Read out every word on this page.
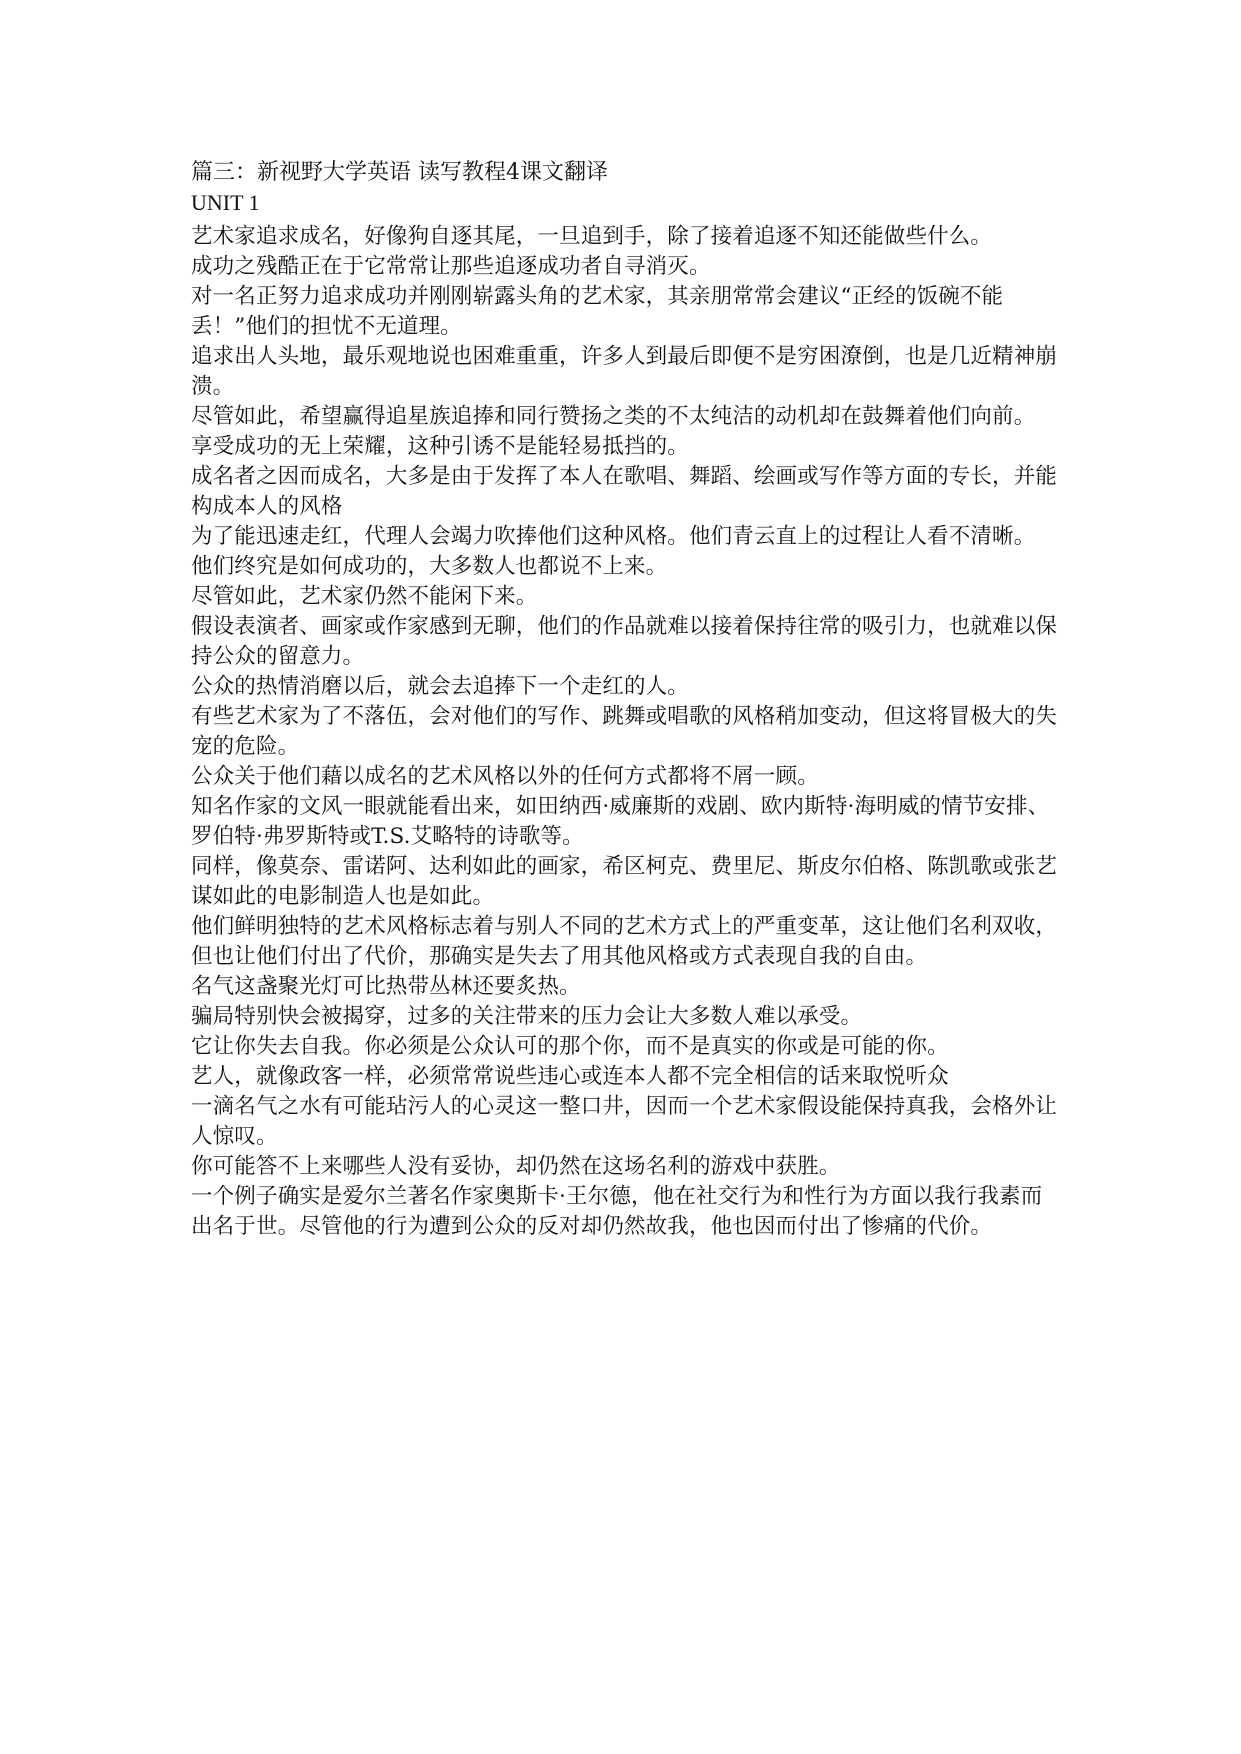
篇三：新视野大学英语 读写教程4课文翻译

UNIT 1

艺术家追求成名，好像狗自逐其尾，一旦追到手，除了接着追逐不知还能做些什么。

成功之残酷正在于它常常让那些追逐成功者自寻消灭。

对一名正努力追求成功并刚刚崭露头角的艺术家，其亲朋常常会建议“正经的饭碗不能丢！”他们的担忧不无道理。

追求出人头地，最乐观地说也困难重重，许多人到最后即便不是穷困潦倒，也是几近精神崩溃。

尽管如此，希望赢得追星族追捧和同行赞扬之类的不太纯洁的动机却在鼓舞着他们向前。

享受成功的无上荣耀，这种引诱不是能轻易抵挡的。

成名者之因而成名，大多是由于发挥了本人在歌唱、舞蹈、绘画或写作等方面的专长，并能构成本人的风格

为了能迅速走红，代理人会竭力吹捧他们这种风格。他们青云直上的过程让人看不清晰。

他们终究是如何成功的，大多数人也都说不上来。

尽管如此，艺术家仍然不能闲下来。

假设表演者、画家或作家感到无聊，他们的作品就难以接着保持往常的吸引力，也就难以保持公众的留意力。

公众的热情消磨以后，就会去追捧下一个走红的人。

有些艺术家为了不落伍，会对他们的写作、跳舞或唱歌的风格稍加变动，但这将冒极大的失宠的危险。

公众关于他们藉以成名的艺术风格以外的任何方式都将不屑一顾。

知名作家的文风一眼就能看出来，如田纳西·威廉斯的戏剧、欧内斯特·海明威的情节安排、罗伯特·弗罗斯特或T.S.艾略特的诗歌等。

同样，像莫奈、雷诺阿、达利如此的画家，希区柯克、费里尼、斯皮尔伯格、陈凯歌或张艺谋如此的电影制造人也是如此。

他们鲜明独特的艺术风格标志着与别人不同的艺术方式上的严重变革，这让他们名利双收，

但也让他们付出了代价，那确实是失去了用其他风格或方式表现自我的自由。

名气这盏聚光灯可比热带丛林还要炙热。

骗局特别快会被揭穿，过多的关注带来的压力会让大多数人难以承受。

它让你失去自我。你必须是公众认可的那个你，而不是真实的你或是可能的你。

艺人，就像政客一样，必须常常说些违心或连本人都不完全相信的话来取悦听众

一滴名气之水有可能玷污人的心灵这一整口井，因而一个艺术家假设能保持真我，会格外让人惊叹。

你可能答不上来哪些人没有妥协，却仍然在这场名利的游戏中获胜。

一个例子确实是爱尔兰著名作家奥斯卡·王尔德，他在社交行为和性行为方面以我行我素而出名于世。尽管他的行为遭到公众的反对却仍然故我，他也因而付出了惨痛的代价。
